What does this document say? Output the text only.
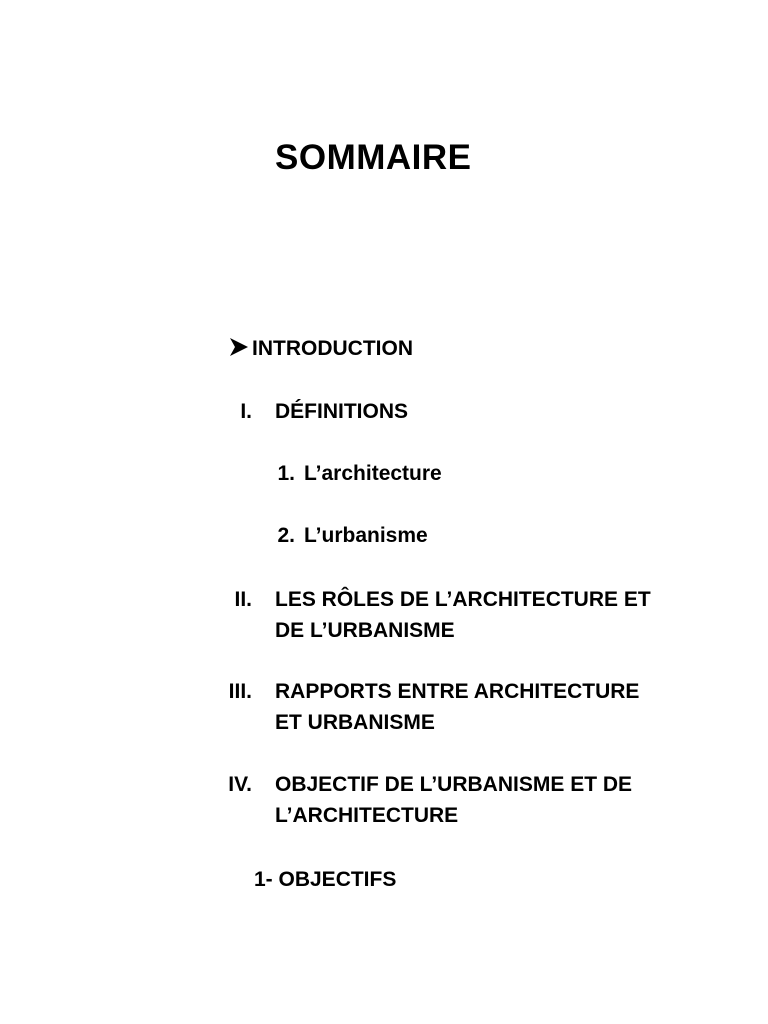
SOMMAIRE
INTRODUCTION
I. DÉFINITIONS
1. L’architecture
2. L’urbanisme
II. LES RÔLES DE L’ARCHITECTURE ET
DE L’URBANISME
III. RAPPORTS ENTRE ARCHITECTURE
ET URBANISME
IV. OBJECTIF DE L’URBANISME ET DE
L’ARCHITECTURE
1- OBJECTIFS
